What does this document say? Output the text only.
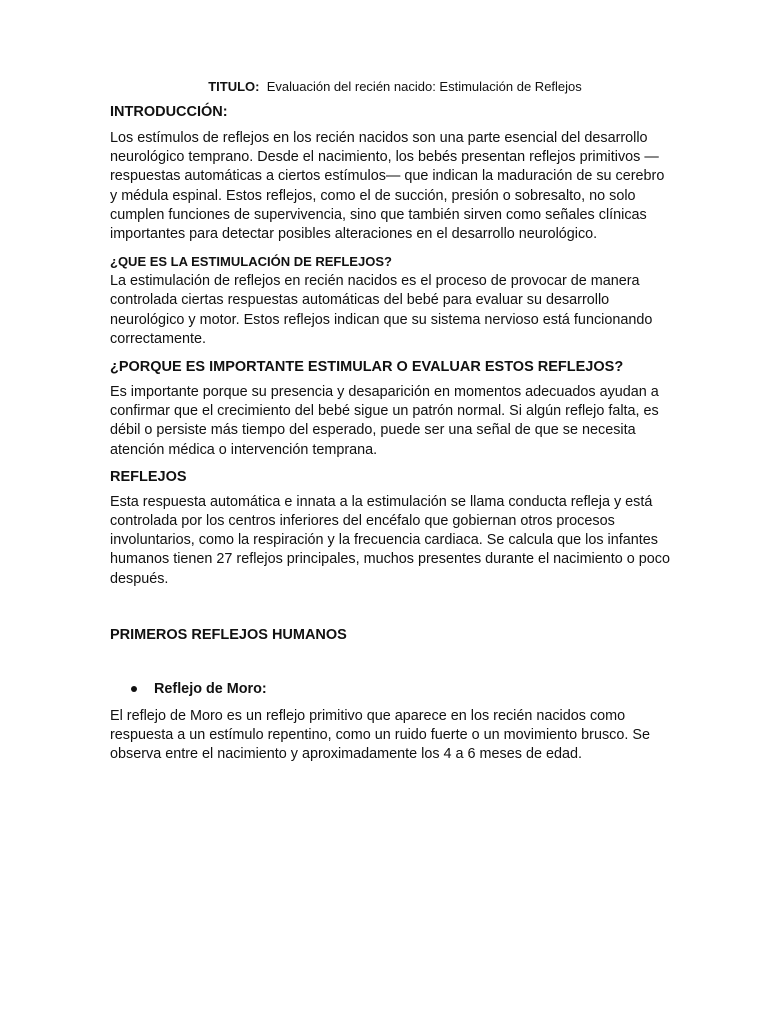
TITULO: Evaluación del recién nacido: Estimulación de Reflejos
INTRODUCCIÓN:

Los estímulos de reflejos en los recién nacidos son una parte esencial del desarrollo neurológico temprano. Desde el nacimiento, los bebés presentan reflejos primitivos —respuestas automáticas a ciertos estímulos— que indican la maduración de su cerebro y médula espinal. Estos reflejos, como el de succión, presión o sobresalto, no solo cumplen funciones de supervivencia, sino que también sirven como señales clínicas importantes para detectar posibles alteraciones en el desarrollo neurológico.

¿QUE ES LA ESTIMULACIÓN DE REFLEJOS?

La estimulación de reflejos en recién nacidos es el proceso de provocar de manera controlada ciertas respuestas automáticas del bebé para evaluar su desarrollo neurológico y motor. Estos reflejos indican que su sistema nervioso está funcionando correctamente.

¿PORQUE ES IMPORTANTE ESTIMULAR O EVALUAR ESTOS REFLEJOS?

Es importante porque su presencia y desaparición en momentos adecuados ayudan a confirmar que el crecimiento del bebé sigue un patrón normal. Si algún reflejo falta, es débil o persiste más tiempo del esperado, puede ser una señal de que se necesita atención médica o intervención temprana.

REFLEJOS

Esta respuesta automática e innata a la estimulación se llama conducta refleja y está controlada por los centros inferiores del encéfalo que gobiernan otros procesos involuntarios, como la respiración y la frecuencia cardiaca. Se calcula que los infantes humanos tienen 27 reflejos principales, muchos presentes durante el nacimiento o poco después.

PRIMEROS REFLEJOS HUMANOS
Reflejo de Moro:

El reflejo de Moro es un reflejo primitivo que aparece en los recién nacidos como respuesta a un estímulo repentino, como un ruido fuerte o un movimiento brusco. Se observa entre el nacimiento y aproximadamente los 4 a 6 meses de edad.
